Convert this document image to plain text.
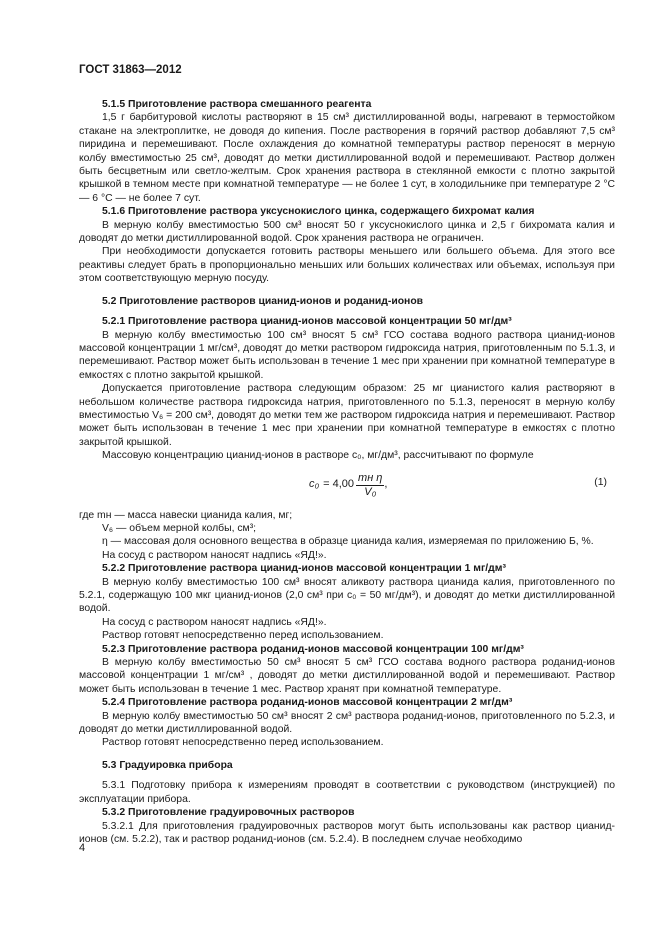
ГОСТ 31863—2012

5.1.5 Приготовление раствора смешанного реагента

1,5 г барбитуровой кислоты растворяют в 15 см³ дистиллированной воды, нагревают в термостойком стакане на электроплитке, не доводя до кипения. После растворения в горячий раствор добавляют 7,5 см³ пиридина и перемешивают. После охлаждения до комнатной температуры раствор переносят в мерную колбу вместимостью 25 см³, доводят до метки дистиллированной водой и перемешивают. Раствор должен быть бесцветным или светло-желтым. Срок хранения раствора в стеклянной емкости с плотно закрытой крышкой в темном месте при комнатной температуре — не более 1 сут, в холодильнике при температуре 2 °С — 6 °С — не более 7 сут.

5.1.6 Приготовление раствора уксуснокислого цинка, содержащего бихромат калия

В мерную колбу вместимостью 500 см³ вносят 50 г уксуснокислого цинка и 2,5 г бихромата калия и доводят до метки дистиллированной водой. Срок хранения раствора не ограничен.

При необходимости допускается готовить растворы меньшего или большего объема. Для этого все реактивы следует брать в пропорционально меньших или больших количествах или объемах, используя при этом соответствующую мерную посуду.

5.2 Приготовление растворов цианид-ионов и роданид-ионов

5.2.1 Приготовление раствора цианид-ионов массовой концентрации 50 мг/дм³

В мерную колбу вместимостью 100 см³ вносят 5 см³ ГСО состава водного раствора цианид-ионов массовой концентрации 1 мг/см³, доводят до метки раствором гидроксида натрия, приготовленным по 5.1.3, и перемешивают. Раствор может быть использован в течение 1 мес при хранении при комнатной температуре в емкостях с плотно закрытой крышкой.

Допускается приготовление раствора следующим образом: 25 мг цианистого калия растворяют в небольшом количестве раствора гидроксида натрия, приготовленного по 5.1.3, переносят в мерную колбу вместимостью V₆ = 200 см³, доводят до метки тем же раствором гидроксида натрия и перемешивают. Раствор может быть использован в течение 1 мес при хранении при комнатной температуре в емкостях с плотно закрытой крышкой.

Массовую концентрацию цианид-ионов в растворе c₀, мг/дм³, рассчитывают по формуле

$c_0 = 4,00 \frac{\text{mн η}}{\text{V₀}}$ ,	(1)

где mн — масса навески цианида калия, мг;

V₆ — объем мерной колбы, см³;

η — массовая доля основного вещества в образце цианида калия, измеряемая по приложению Б, %.

На сосуд с раствором наносят надпись «ЯД!».

5.2.2 Приготовление раствора цианид-ионов массовой концентрации 1 мг/дм³

В мерную колбу вместимостью 100 см³ вносят аликвоту раствора цианида калия, приготовленного по 5.2.1, содержащую 100 мкг цианид-ионов (2,0 см³ при c₀ = 50 мг/дм³), и доводят до метки дистиллированной водой.

На сосуд с раствором наносят надпись «ЯД!».

Раствор готовят непосредственно перед использованием.

5.2.3 Приготовление раствора роданид-ионов массовой концентрации 100 мг/дм³

В мерную колбу вместимостью 50 см³ вносят 5 см³ ГСО состава водного раствора роданид-ионов массовой концентрации 1 мг/см³ , доводят до метки дистиллированной водой и перемешивают. Раствор может быть использован в течение 1 мес. Раствор хранят при комнатной температуре.

5.2.4 Приготовление раствора роданид-ионов массовой концентрации 2 мг/дм³

В мерную колбу вместимостью 50 см³ вносят 2 см³ раствора роданид-ионов, приготовленного по 5.2.3, и доводят до метки дистиллированной водой.

Раствор готовят непосредственно перед использованием.

5.3 Градуировка прибора

5.3.1 Подготовку прибора к измерениям проводят в соответствии с руководством (инструкцией) по эксплуатации прибора.

5.3.2 Приготовление градуировочных растворов

5.3.2.1 Для приготовления градуировочных растворов могут быть использованы как раствор цианид-ионов (см. 5.2.2), так и раствор роданид-ионов (см. 5.2.4). В последнем случае необходимо

4
